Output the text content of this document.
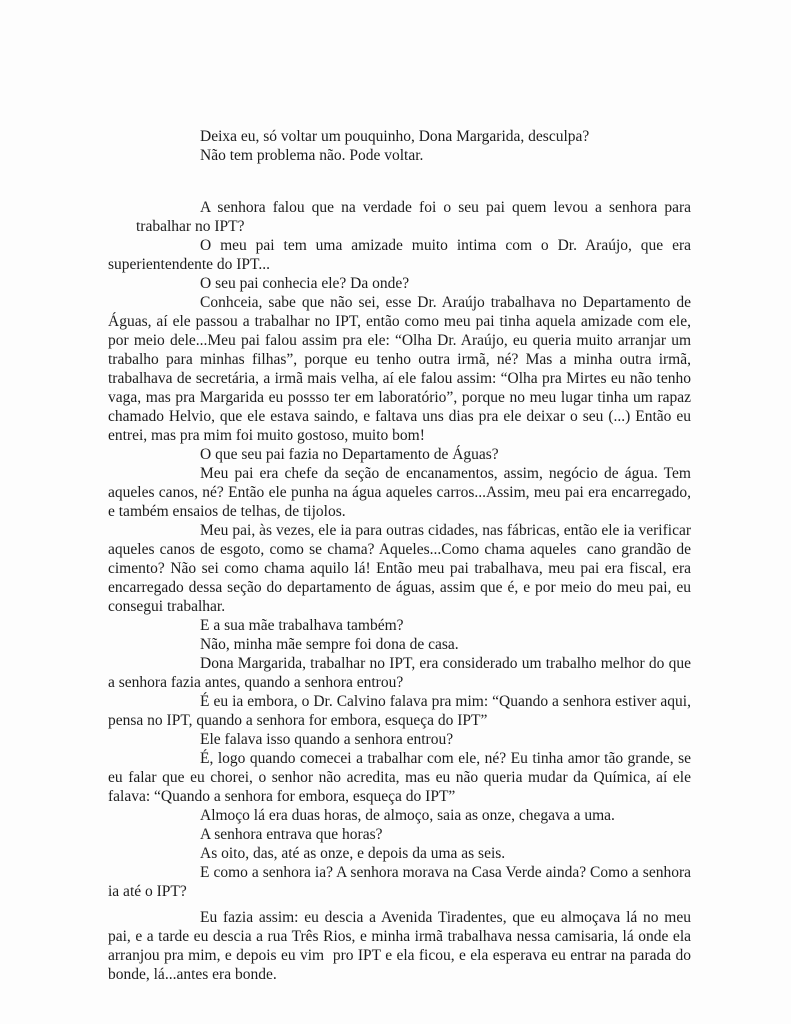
Deixa eu, só voltar um pouquinho, Dona Margarida, desculpa?

Não tem problema não. Pode voltar.

A senhora falou que na verdade foi o seu pai quem levou a senhora para trabalhar no IPT?

O meu pai tem uma amizade muito intima com o Dr. Araújo, que era superientendente do IPT...

O seu pai conhecia ele? Da onde?

Conhceia, sabe que não sei, esse Dr. Araújo trabalhava no Departamento de Águas, aí ele passou a trabalhar no IPT, então como meu pai tinha aquela amizade com ele, por meio dele...Meu pai falou assim pra ele: “Olha Dr. Araújo, eu queria muito arranjar um trabalho para minhas filhas”, porque eu tenho outra irmã, né? Mas a minha outra irmã, trabalhava de secretária, a irmã mais velha, aí ele falou assim: “Olha pra Mirtes eu não tenho vaga, mas pra Margarida eu possso ter em laboratório”, porque no meu lugar tinha um rapaz chamado Helvio, que ele estava saindo, e faltava uns dias pra ele deixar o seu (...) Então eu entrei, mas pra mim foi muito gostoso, muito bom!

O que seu pai fazia no Departamento de Águas?

Meu pai era chefe da seção de encanamentos, assim, negócio de água. Tem aqueles canos, né? Então ele punha na água aqueles carros...Assim, meu pai era encarregado, e também ensaios de telhas, de tijolos.

Meu pai, às vezes, ele ia para outras cidades, nas fábricas, então ele ia verificar aqueles canos de esgoto, como se chama? Aqueles...Como chama aqueles  cano grandão de cimento? Não sei como chama aquilo lá! Então meu pai trabalhava, meu pai era fiscal, era encarregado dessa seção do departamento de águas, assim que é, e por meio do meu pai, eu consegui trabalhar.

E a sua mãe trabalhava também?

Não, minha mãe sempre foi dona de casa.

Dona Margarida, trabalhar no IPT, era considerado um trabalho melhor do que a senhora fazia antes, quando a senhora entrou?

É eu ia embora, o Dr. Calvino falava pra mim: “Quando a senhora estiver aqui, pensa no IPT, quando a senhora for embora, esqueça do IPT”

Ele falava isso quando a senhora entrou?

É, logo quando comecei a trabalhar com ele, né? Eu tinha amor tão grande, se eu falar que eu chorei, o senhor não acredita, mas eu não queria mudar da Química, aí ele falava: “Quando a senhora for embora, esqueça do IPT”

Almoço lá era duas horas, de almoço, saia as onze, chegava a uma.

A senhora entrava que horas?

As oito, das, até as onze, e depois da uma as seis.

E como a senhora ia? A senhora morava na Casa Verde ainda? Como a senhora ia até o IPT?

Eu fazia assim: eu descia a Avenida Tiradentes, que eu almoçava lá no meu pai, e a tarde eu descia a rua Três Rios, e minha irmã trabalhava nessa camisaria, lá onde ela arranjou pra mim, e depois eu vim  pro IPT e ela ficou, e ela esperava eu entrar na parada do bonde, lá...antes era bonde.
